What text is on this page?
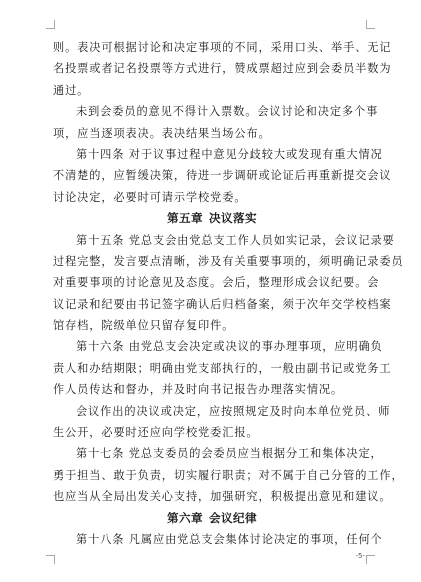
则。表决可根据讨论和决定事项的不同，采用口头、举手、无记
名投票或者记名投票等方式进行，赞成票超过应到会委员半数为
通过。
未到会委员的意见不得计入票数。会议讨论和决定多个事
项，应当逐项表决。表决结果当场公布。
第十四条 对于议事过程中意见分歧较大或发现有重大情况
不清楚的，应暂缓决策，待进一步调研或论证后再重新提交会议
讨论决定，必要时可请示学校党委。
第五章 决议落实
第十五条 党总支会由党总支工作人员如实记录，会议记录要
过程完整，发言要点清晰，涉及有关重要事项的，须明确记录委员
对重要事项的讨论意见及态度。会后，整理形成会议纪要。会
议记录和纪要由书记签字确认后归档备案，须于次年交学校档案
馆存档，院级单位只留存复印件。
第十六条 由党总支会决定或决议的事办理事项，应明确负
责人和办结期限；明确由党支部执行的，一般由副书记或党务工
作人员传达和督办，并及时向书记报告办理落实情况。
会议作出的决议或决定，应按照规定及时向本单位党员、师
生公开，必要时还应向学校党委汇报。
第十七条 党总支委员的会委员应当根据分工和集体决定，
勇于担当、敢于负责，切实履行职责；对不属于自己分管的工作，
也应当从全局出发关心支持，加强研究，积极提出意见和建议。
第六章 会议纪律
第十八条 凡属应由党总支会集体讨论决定的事项，任何个
-5-
